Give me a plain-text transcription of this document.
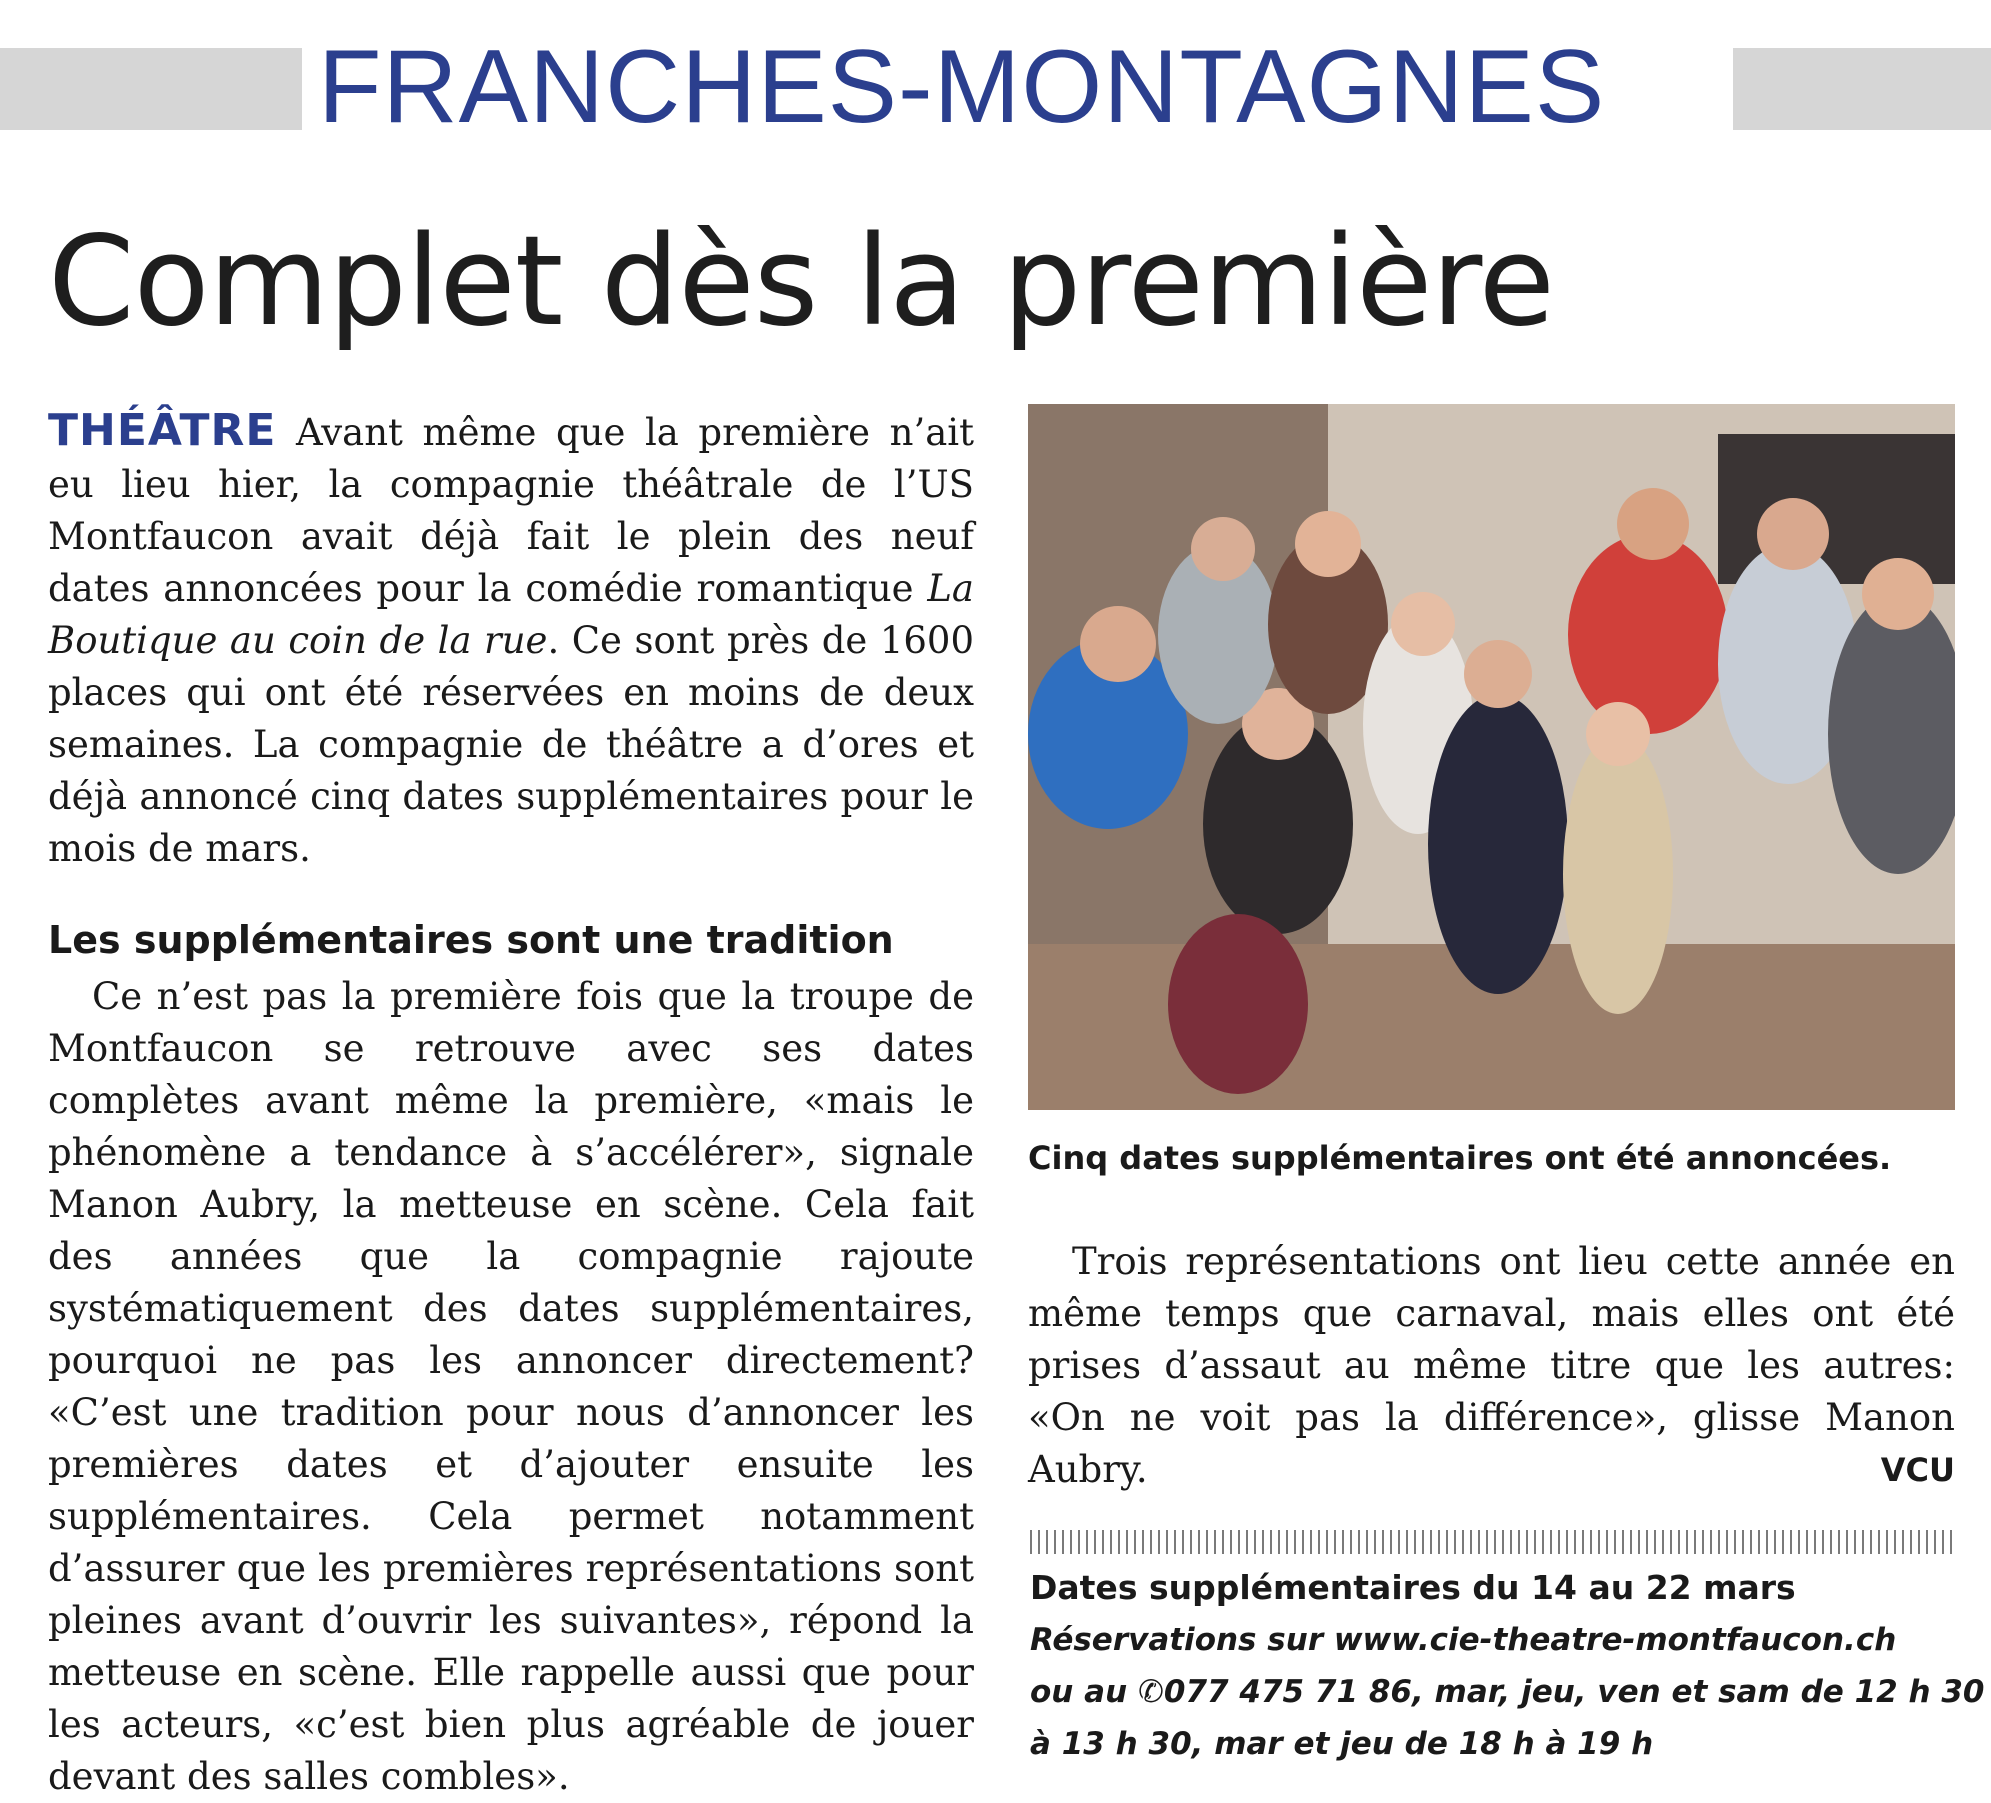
FRANCHES-MONTAGNES
Complet dès la première

THÉÂTRE Avant même que la première n’ait eu lieu hier, la compagnie théâtrale de l’US Montfaucon avait déjà fait le plein des neuf dates annoncées pour la comédie romantique La Boutique au coin de la rue. Ce sont près de 1600 places qui ont été réservées en moins de deux semaines. La compagnie de théâtre a d’ores et déjà annoncé cinq dates supplémentaires pour le mois de mars.

Les supplémentaires sont une tradition

Ce n’est pas la première fois que la troupe de Montfaucon se retrouve avec ses dates complètes avant même la première, «mais le phénomène a tendance à s’accélérer», signale Manon Aubry, la metteuse en scène. Cela fait des années que la compagnie rajoute systématiquement des dates supplémentaires, pourquoi ne pas les annoncer directement? «C’est une tradition pour nous d’annoncer les premières dates et d’ajouter ensuite les supplémentaires. Cela permet notamment d’assurer que les premières représentations sont pleines avant d’ouvrir les suivantes», répond la metteuse en scène. Elle rappelle aussi que pour les acteurs, «c’est bien plus agréable de jouer devant des salles combles».

Cinq dates supplémentaires ont été annoncées.

Trois représentations ont lieu cette année en même temps que carnaval, mais elles ont été prises d’assaut au même titre que les autres: «On ne voit pas la différence», glisse Manon Aubry.	VCU

Dates supplémentaires du 14 au 22 mars
Réservations sur www.cie-theatre-montfaucon.ch
ou au ✆077 475 71 86, mar, jeu, ven et sam de 12 h 30
à 13 h 30, mar et jeu de 18 h à 19 h
